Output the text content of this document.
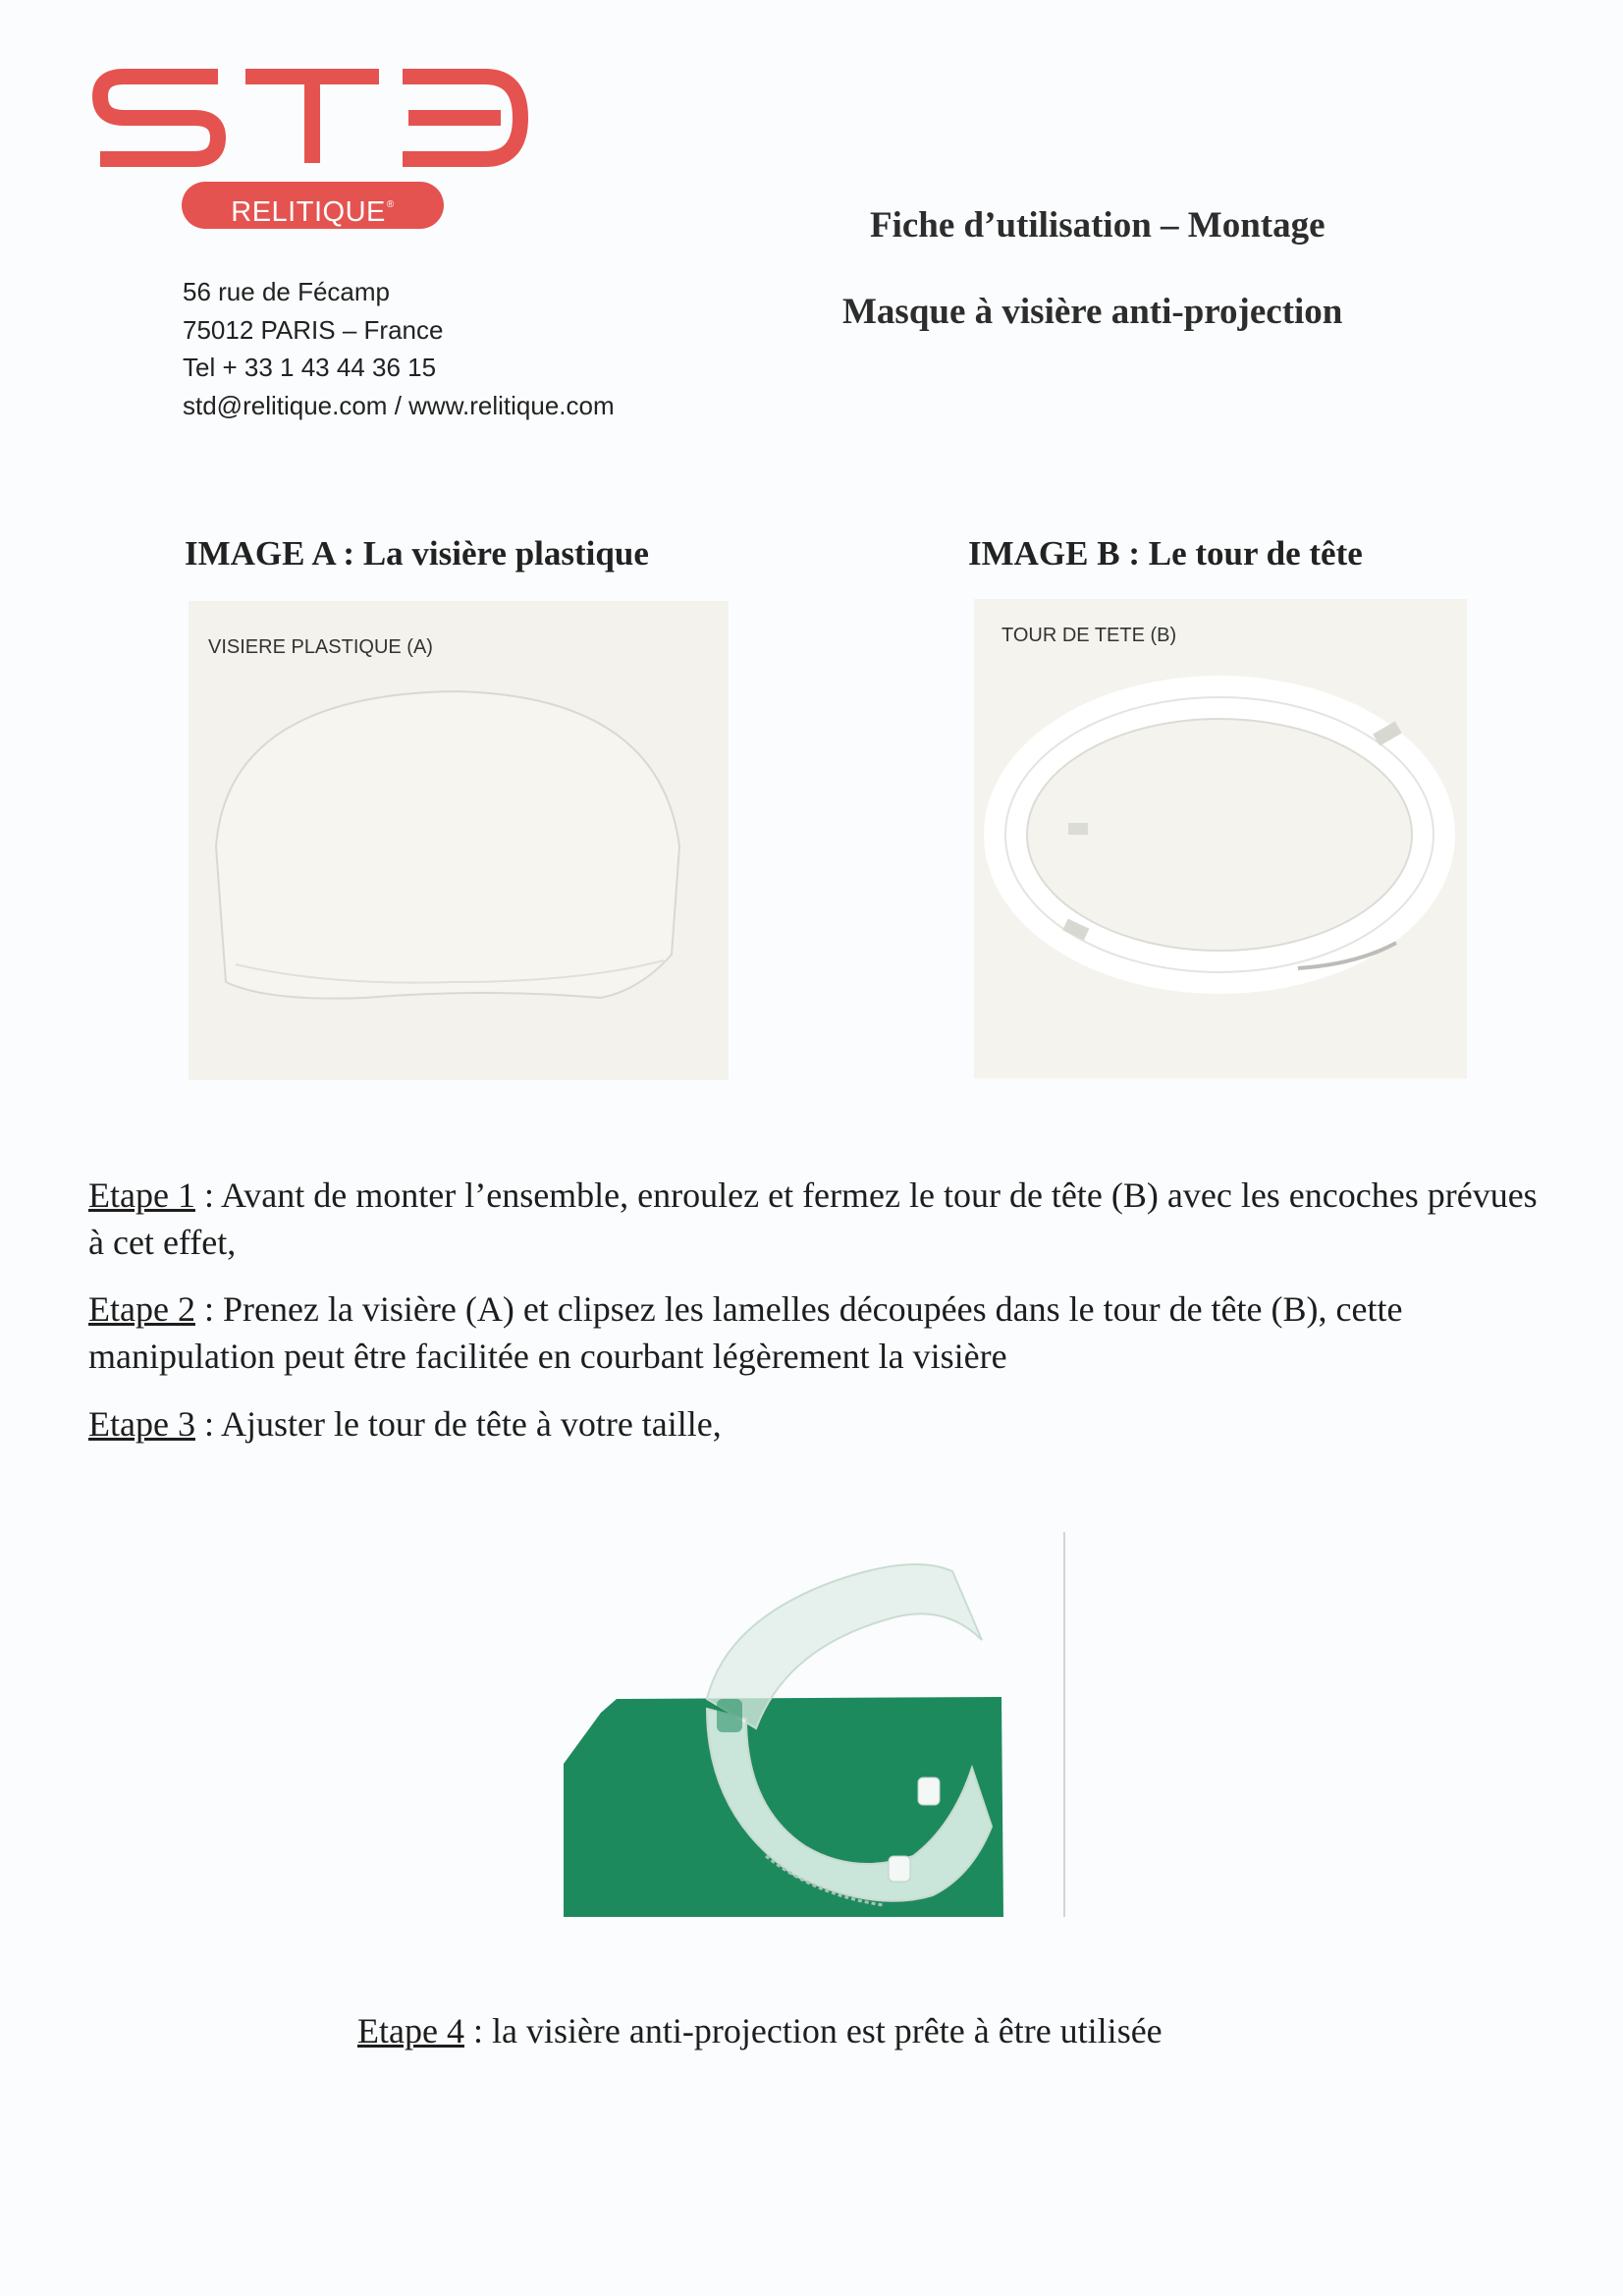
RELITIQUE®
56 rue de Fécamp
75012 PARIS – France
Tel + 33 1 43 44 36 15
std@relitique.com / www.relitique.com
Fiche d’utilisation – Montage
Masque à visière anti-projection
IMAGE A : La visière plastique	IMAGE B : Le tour de tête
VISIERE PLASTIQUE (A)
TOUR DE TETE (B)
Etape 1 : Avant de monter l’ensemble, enroulez et fermez le tour de tête (B) avec les encoches prévues à cet effet,
Etape 2 : Prenez la visière (A) et clipsez les lamelles découpées dans le tour de tête (B), cette manipulation peut être facilitée en courbant légèrement la visière
Etape 3 : Ajuster le tour de tête à votre taille,
Etape 4 : la visière anti-projection est prête à être utilisée
